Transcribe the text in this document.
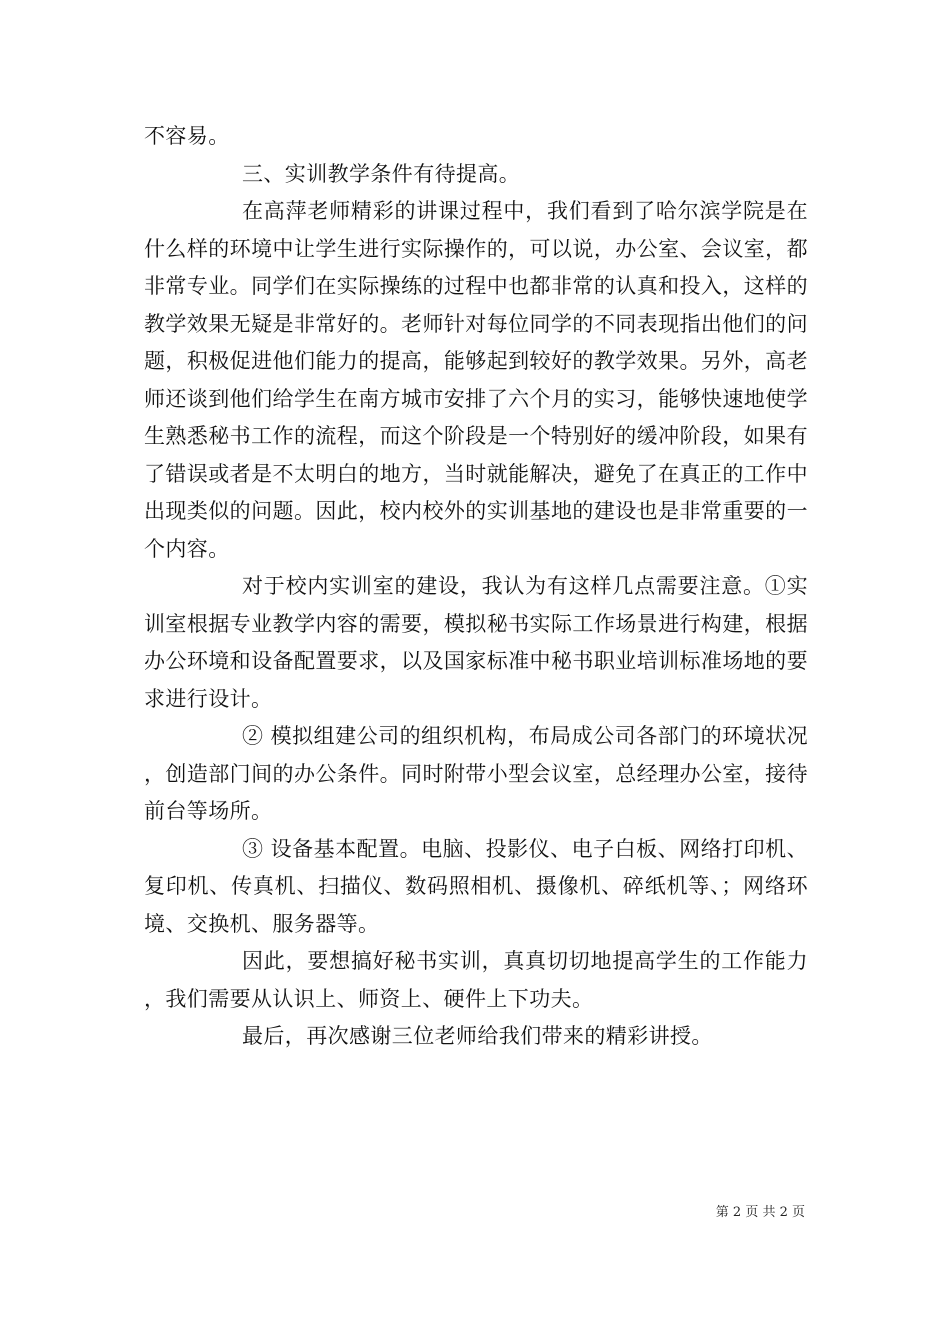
不容易。

三、实训教学条件有待提高。

在高萍老师精彩的讲课过程中，我们看到了哈尔滨学院是在什么样的环境中让学生进行实际操作的，可以说，办公室、会议室，都非常专业。同学们在实际操练的过程中也都非常的认真和投入，这样的教学效果无疑是非常好的。老师针对每位同学的不同表现指出他们的问题，积极促进他们能力的提高，能够起到较好的教学效果。另外，高老师还谈到他们给学生在南方城市安排了六个月的实习，能够快速地使学生熟悉秘书工作的流程，而这个阶段是一个特别好的缓冲阶段，如果有了错误或者是不太明白的地方，当时就能解决，避免了在真正的工作中出现类似的问题。因此，校内校外的实训基地的建设也是非常重要的一个内容。

对于校内实训室的建设，我认为有这样几点需要注意。①实训室根据专业教学内容的需要，模拟秘书实际工作场景进行构建，根据办公环境和设备配置要求，以及国家标准中秘书职业培训标准场地的要求进行设计。

② 模拟组建公司的组织机构，布局成公司各部门的环境状况，创造部门间的办公条件。同时附带小型会议室，总经理办公室，接待前台等场所。

③ 设备基本配置。电脑、投影仪、电子白板、网络打印机、复印机、传真机、扫描仪、数码照相机、摄像机、碎纸机等、；网络环境、交换机、服务器等。

因此，要想搞好秘书实训，真真切切地提高学生的工作能力，我们需要从认识上、师资上、硬件上下功夫。

最后，再次感谢三位老师给我们带来的精彩讲授。

第 2 页 共 2 页
